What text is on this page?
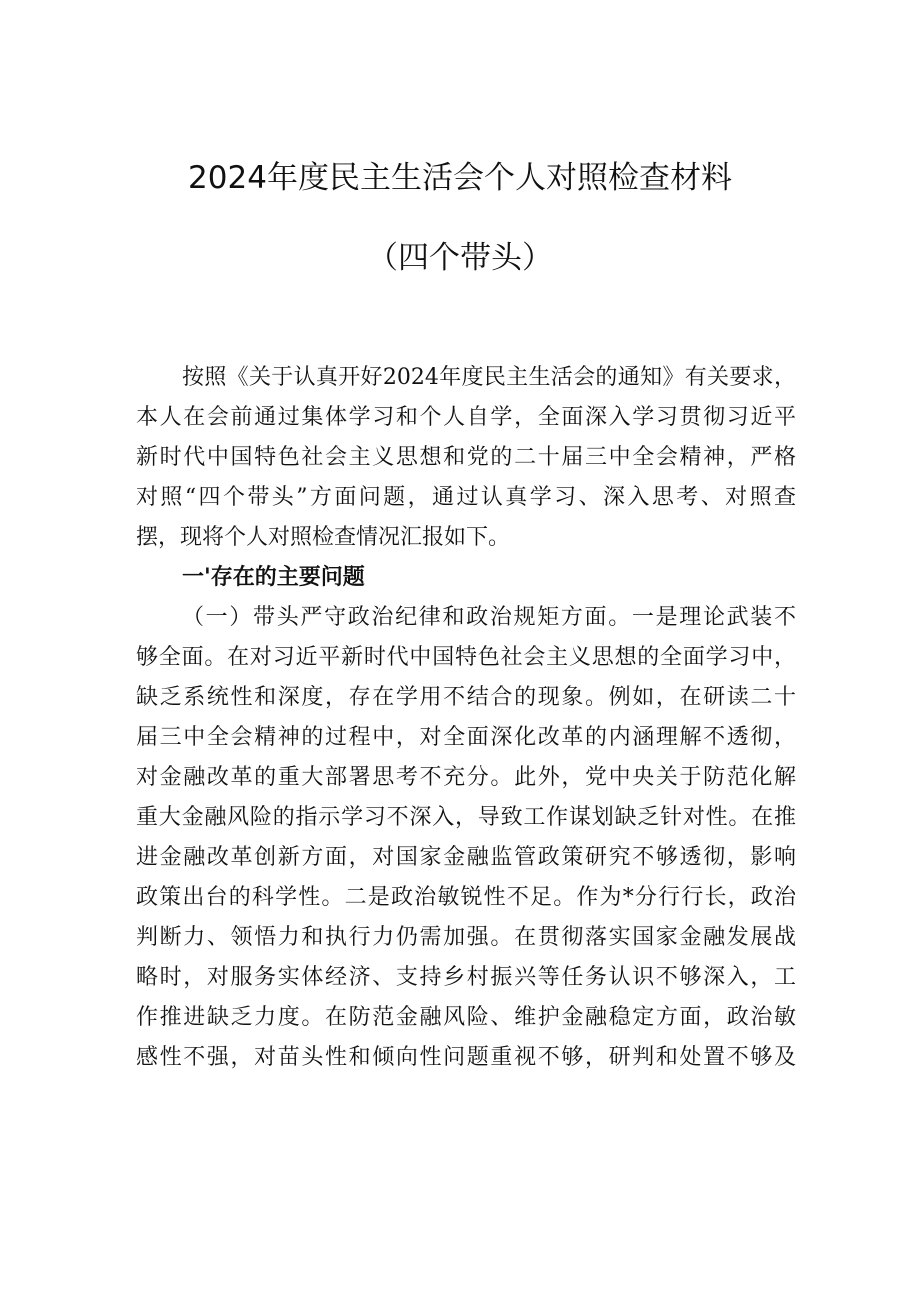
2024年度民主生活会个人对照检查材料
（四个带头）
按照《关于认真开好2024年度民主生活会的通知》有关要求，
本人在会前通过集体学习和个人自学，全面深入学习贯彻习近平
新时代中国特色社会主义思想和党的二十届三中全会精神，严格
对照“四个带头”方面问题，通过认真学习、深入思考、对照查
摆，现将个人对照检查情况汇报如下。
一'存在的主要问题
（一）带头严守政治纪律和政治规矩方面。一是理论武装不
够全面。在对习近平新时代中国特色社会主义思想的全面学习中，
缺乏系统性和深度，存在学用不结合的现象。例如，在研读二十
届三中全会精神的过程中，对全面深化改革的内涵理解不透彻，
对金融改革的重大部署思考不充分。此外，党中央关于防范化解
重大金融风险的指示学习不深入，导致工作谋划缺乏针对性。在推
进金融改革创新方面，对国家金融监管政策研究不够透彻，影响
政策出台的科学性。二是政治敏锐性不足。作为*分行行长，政治
判断力、领悟力和执行力仍需加强。在贯彻落实国家金融发展战
略时，对服务实体经济、支持乡村振兴等任务认识不够深入，工
作推进缺乏力度。在防范金融风险、维护金融稳定方面，政治敏
感性不强，对苗头性和倾向性问题重视不够，研判和处置不够及
